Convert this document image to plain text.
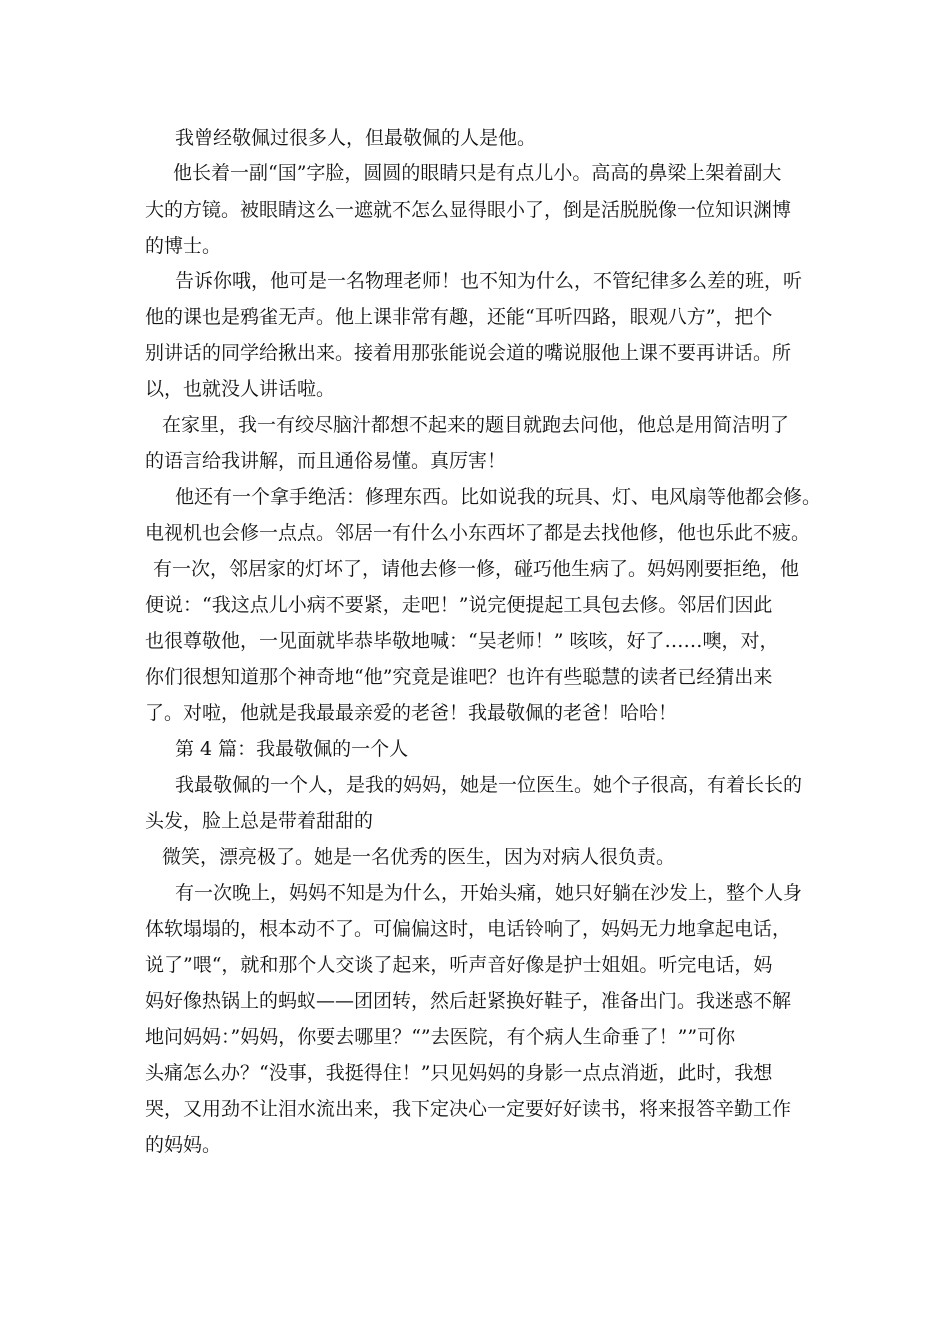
我曾经敬佩过很多人，但最敬佩的人是他。
他长着一副“国”字脸，圆圆的眼睛只是有点儿小。高高的鼻梁上架着副大
大的方镜。被眼睛这么一遮就不怎么显得眼小了，倒是活脱脱像一位知识渊博
的博士。
告诉你哦，他可是一名物理老师！也不知为什么，不管纪律多么差的班，听
他的课也是鸦雀无声。他上课非常有趣，还能“耳听四路，眼观八方”，把个
别讲话的同学给揪出来。接着用那张能说会道的嘴说服他上课不要再讲话。所
以，也就没人讲话啦。
在家里，我一有绞尽脑汁都想不起来的题目就跑去问他，他总是用简洁明了
的语言给我讲解，而且通俗易懂。真厉害！
他还有一个拿手绝活：修理东西。比如说我的玩具、灯、电风扇等他都会修。
电视机也会修一点点。邻居一有什么小东西坏了都是去找他修，他也乐此不疲。
有一次，邻居家的灯坏了，请他去修一修，碰巧他生病了。妈妈刚要拒绝，他
便说：“我这点儿小病不要紧，走吧！”说完便提起工具包去修。邻居们因此
也很尊敬他，一见面就毕恭毕敬地喊：“吴老师！” 咳咳，好了……噢，对，
你们很想知道那个神奇地“他”究竟是谁吧？也许有些聪慧的读者已经猜出来
了。对啦，他就是我最最亲爱的老爸！我最敬佩的老爸！哈哈！
第 4 篇：我最敬佩的一个人
我最敬佩的一个人，是我的妈妈，她是一位医生。她个子很高，有着长长的
头发，脸上总是带着甜甜的
微笑，漂亮极了。她是一名优秀的医生，因为对病人很负责。
有一次晚上，妈妈不知是为什么，开始头痛，她只好躺在沙发上，整个人身
体软塌塌的，根本动不了。可偏偏这时，电话铃响了，妈妈无力地拿起电话，
说了”喂“，就和那个人交谈了起来，听声音好像是护士姐姐。听完电话，妈
妈好像热锅上的蚂蚁——团团转，然后赶紧换好鞋子，准备出门。我迷惑不解
地问妈妈：”妈妈，你要去哪里？“”去医院，有个病人生命垂了！””可你
头痛怎么办？“没事，我挺得住！”只见妈妈的身影一点点消逝，此时，我想
哭，又用劲不让泪水流出来，我下定决心一定要好好读书，将来报答辛勤工作
的妈妈。
